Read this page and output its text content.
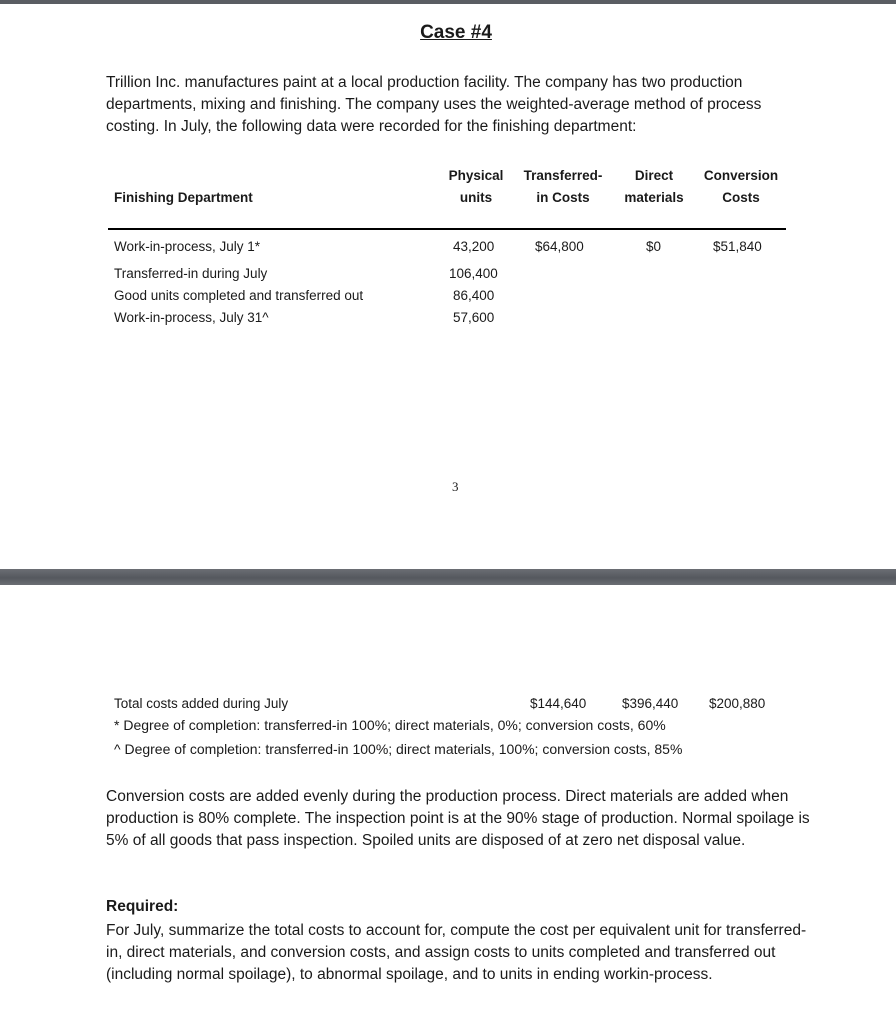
Case #4

Trillion Inc. manufactures paint at a local production facility. The company has two production departments, mixing and finishing. The company uses the weighted-average method of process costing. In July, the following data were recorded for the finishing department:

Finishing Department
Physical
units
Transferred-
in Costs
Direct
materials
Conversion
Costs
Work-in-process, July 1*	43,200	$64,800	$0	$51,840
Transferred-in during July	106,400
Good units completed and transferred out	86,400
Work-in-process, July 31^	57,600
3
Total costs added during July	$144,640	$396,440 $200,880
* Degree of completion: transferred-in 100%; direct materials, 0%; conversion costs, 60%
^ Degree of completion: transferred-in 100%; direct materials, 100%; conversion costs, 85%

Conversion costs are added evenly during the production process. Direct materials are added when production is 80% complete. The inspection point is at the 90% stage of production. Normal spoilage is 5% of all goods that pass inspection. Spoiled units are disposed of at zero net disposal value.

Required:

For July, summarize the total costs to account for, compute the cost per equivalent unit for transferred-in, direct materials, and conversion costs, and assign costs to units completed and transferred out (including normal spoilage), to abnormal spoilage, and to units in ending workin-process.
